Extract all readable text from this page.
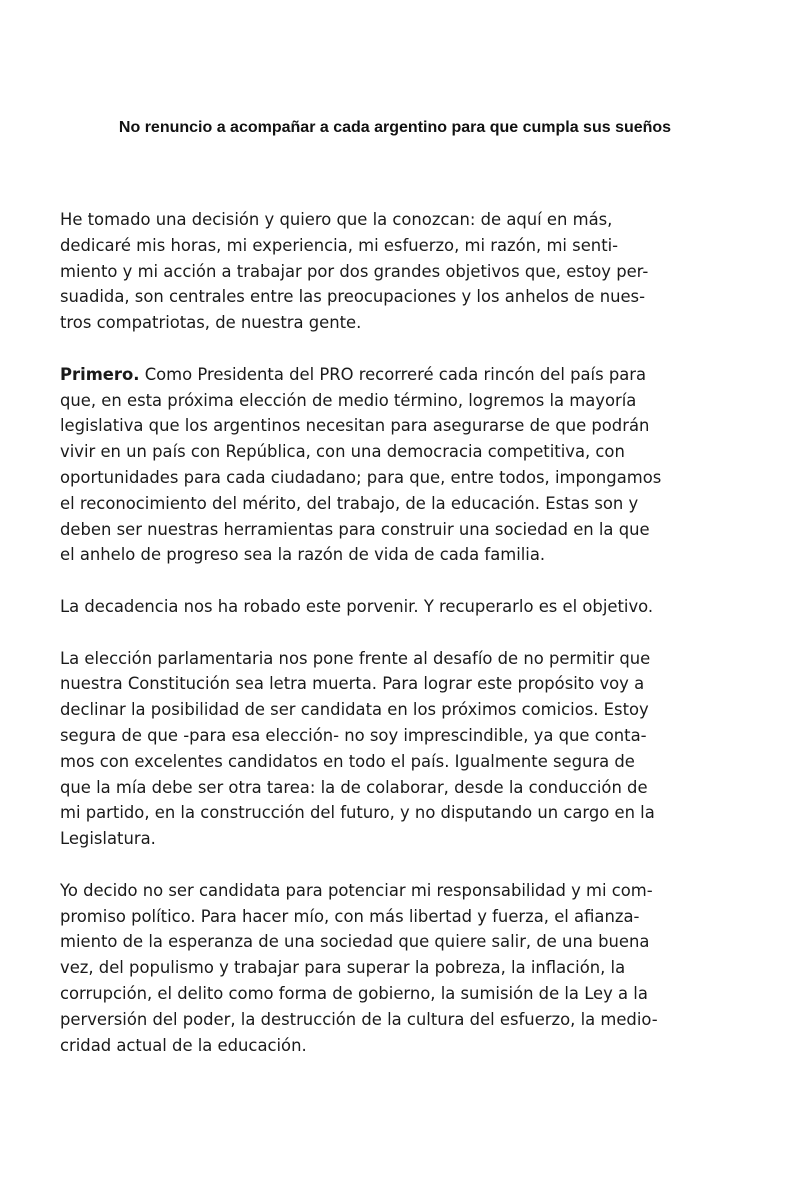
No renuncio a acompañar a cada argentino para que cumpla sus sueños

He tomado una decisión y quiero que la conozcan: de aquí en más,
dedicaré mis horas, mi experiencia, mi esfuerzo, mi razón, mi senti-
miento y mi acción a trabajar por dos grandes objetivos que, estoy per-
suadida, son centrales entre las preocupaciones y los anhelos de nues-
tros compatriotas, de nuestra gente.

Primero. Como Presidenta del PRO recorreré cada rincón del país para
que, en esta próxima elección de medio término, logremos la mayoría
legislativa que los argentinos necesitan para asegurarse de que podrán
vivir en un país con República, con una democracia competitiva, con
oportunidades para cada ciudadano; para que, entre todos, impongamos
el reconocimiento del mérito, del trabajo, de la educación. Estas son y
deben ser nuestras herramientas para construir una sociedad en la que
el anhelo de progreso sea la razón de vida de cada familia.

La decadencia nos ha robado este porvenir. Y recuperarlo es el objetivo.

La elección parlamentaria nos pone frente al desafío de no permitir que
nuestra Constitución sea letra muerta. Para lograr este propósito voy a
declinar la posibilidad de ser candidata en los próximos comicios. Estoy
segura de que -para esa elección- no soy imprescindible, ya que conta-
mos con excelentes candidatos en todo el país. Igualmente segura de
que la mía debe ser otra tarea: la de colaborar, desde la conducción de
mi partido, en la construcción del futuro, y no disputando un cargo en la
Legislatura.

Yo decido no ser candidata para potenciar mi responsabilidad y mi com-
promiso político. Para hacer mío, con más libertad y fuerza, el afianza-
miento de la esperanza de una sociedad que quiere salir, de una buena
vez, del populismo y trabajar para superar la pobreza, la inflación, la
corrupción, el delito como forma de gobierno, la sumisión de la Ley a la
perversión del poder, la destrucción de la cultura del esfuerzo, la medio-
cridad actual de la educación.
